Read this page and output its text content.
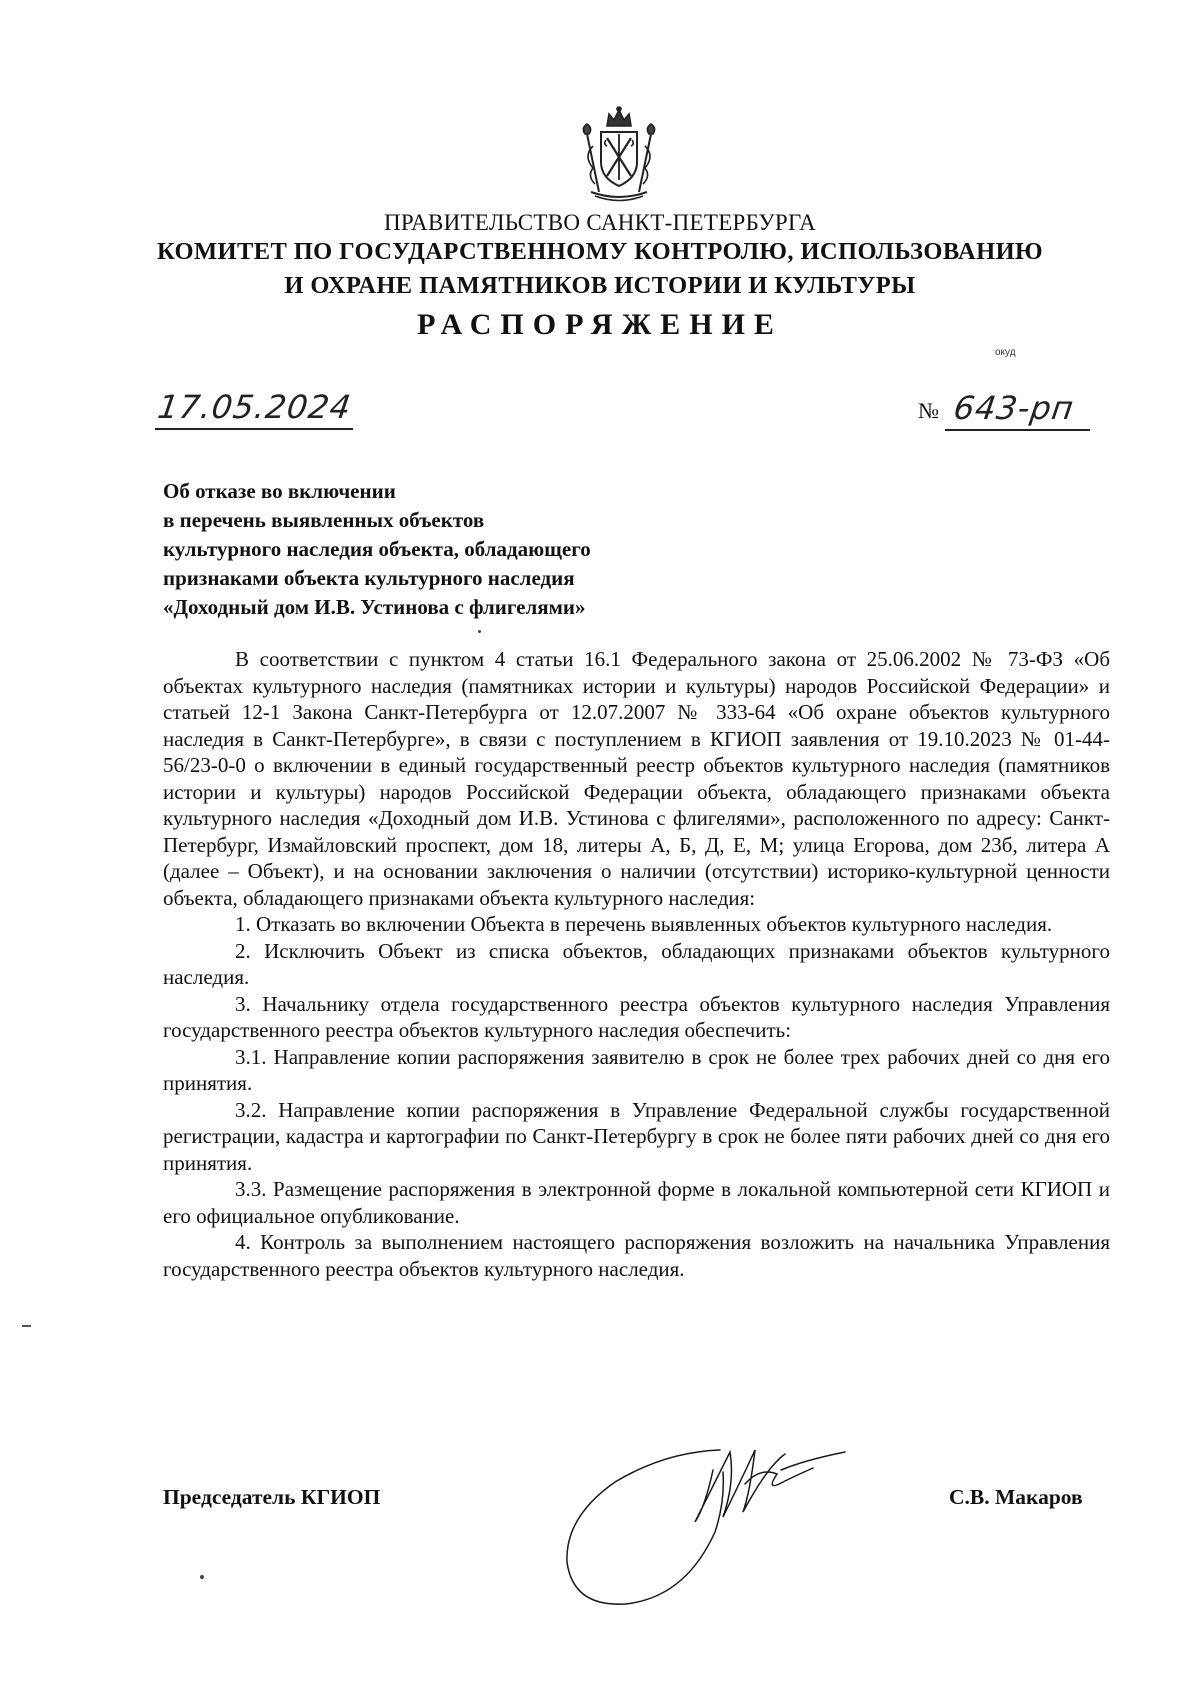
ПРАВИТЕЛЬСТВО САНКТ-ПЕТЕРБУРГА
КОМИТЕТ ПО ГОСУДАРСТВЕННОМУ КОНТРОЛЮ, ИСПОЛЬЗОВАНИЮ
И ОХРАНЕ ПАМЯТНИКОВ ИСТОРИИ И КУЛЬТУРЫ
РАСПОРЯЖЕНИЕ
окуд
17.05.2024	№ 643-рп
Об отказе во включении
в перечень выявленных объектов
культурного наследия объекта, обладающего
признаками объекта культурного наследия
«Доходный дом И.В. Устинова с флигелями»

В соответствии с пунктом 4 статьи 16.1 Федерального закона от 25.06.2002 № 73-ФЗ «Об объектах культурного наследия (памятниках истории и культуры) народов Российской Федерации» и статьей 12-1 Закона Санкт-Петербурга от 12.07.2007 № 333-64 «Об охране объектов культурного наследия в Санкт-Петербурге», в связи с поступлением в КГИОП заявления от 19.10.2023 № 01-44-56/23-0-0 о включении в единый государственный реестр объектов культурного наследия (памятников истории и культуры) народов Российской Федерации объекта, обладающего признаками объекта культурного наследия «Доходный дом И.В. Устинова с флигелями», расположенного по адресу: Санкт-Петербург, Измайловский проспект, дом 18, литеры А, Б, Д, Е, М; улица Егорова, дом 23б, литера А (далее – Объект), и на основании заключения о наличии (отсутствии) историко-культурной ценности объекта, обладающего признаками объекта культурного наследия:

1. Отказать во включении Объекта в перечень выявленных объектов культурного наследия.

2. Исключить Объект из списка объектов, обладающих признаками объектов культурного наследия.

3. Начальнику отдела государственного реестра объектов культурного наследия Управления государственного реестра объектов культурного наследия обеспечить:

3.1. Направление копии распоряжения заявителю в срок не более трех рабочих дней со дня его принятия.

3.2. Направление копии распоряжения в Управление Федеральной службы государственной регистрации, кадастра и картографии по Санкт-Петербургу в срок не более пяти рабочих дней со дня его принятия.

3.3. Размещение распоряжения в электронной форме в локальной компьютерной сети КГИОП и его официальное опубликование.

4. Контроль за выполнением настоящего распоряжения возложить на начальника Управления государственного реестра объектов культурного наследия.

Председатель КГИОП	С.В. Макаров
